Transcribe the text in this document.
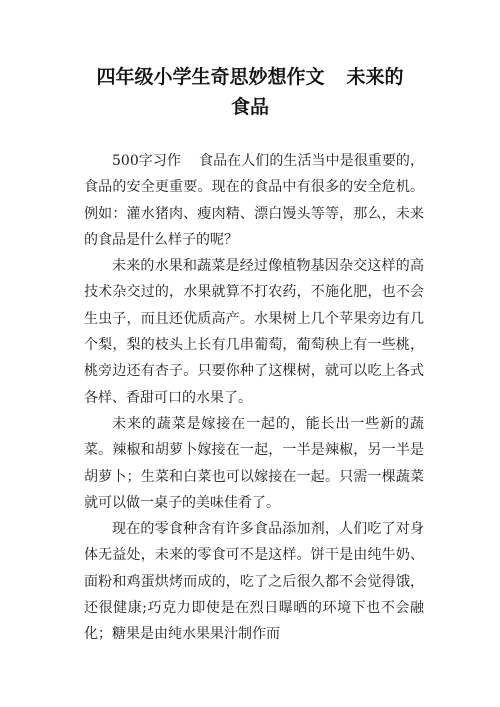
四年级小学生奇思妙想作文 未来的
食品

500字习作 食品在人们的生活当中是很重要的，食品的安全更重要。现在的食品中有很多的安全危机。例如：灌水猪肉、瘦肉精、漂白馒头等等，那么，未来的食品是什么样子的呢？

未来的水果和蔬菜是经过像植物基因杂交这样的高技术杂交过的，水果就算不打农药，不施化肥，也不会生虫子，而且还优质高产。水果树上几个苹果旁边有几个梨，梨的枝头上长有几串葡萄，葡萄秧上有一些桃，桃旁边还有杏子。只要你种了这棵树，就可以吃上各式各样、香甜可口的水果了。

未来的蔬菜是嫁接在一起的，能长出一些新的蔬菜。辣椒和胡萝卜嫁接在一起，一半是辣椒，另一半是胡萝卜；生菜和白菜也可以嫁接在一起。只需一棵蔬菜就可以做一桌子的美味佳肴了。

现在的零食种含有许多食品添加剂，人们吃了对身体无益处，未来的零食可不是这样。饼干是由纯牛奶、面粉和鸡蛋烘烤而成的，吃了之后很久都不会觉得饿，还很健康;巧克力即使是在烈日曝晒的环境下也不会融化；糖果是由纯水果果汁制作而
